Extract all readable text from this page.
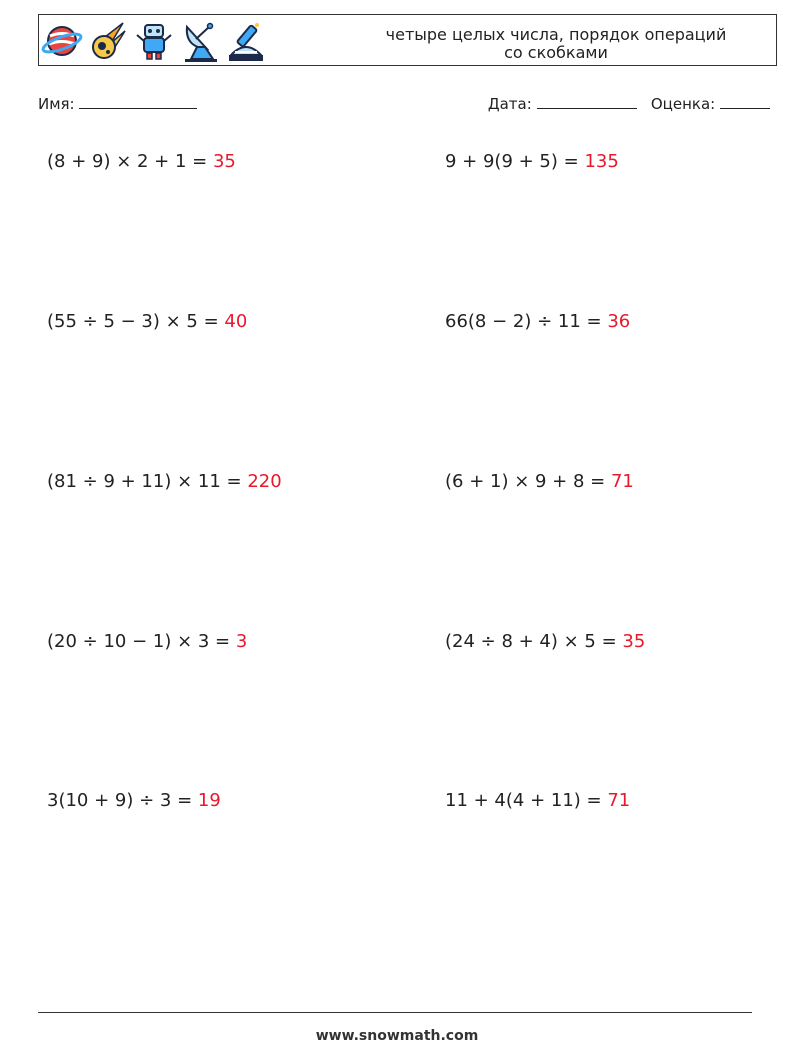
четыре целых числа, порядок операций
со скобками
Имя:	Дата:	Оценка:
(8 + 9) × 2 + 1 = 35	9 + 9(9 + 5) = 135
(55 ÷ 5 − 3) × 5 = 40	66(8 − 2) ÷ 11 = 36
(81 ÷ 9 + 11) × 11 = 220	(6 + 1) × 9 + 8 = 71
(20 ÷ 10 − 1) × 3 = 3	(24 ÷ 8 + 4) × 5 = 35
3(10 + 9) ÷ 3 = 19	11 + 4(4 + 11) = 71
www.snowmath.com
